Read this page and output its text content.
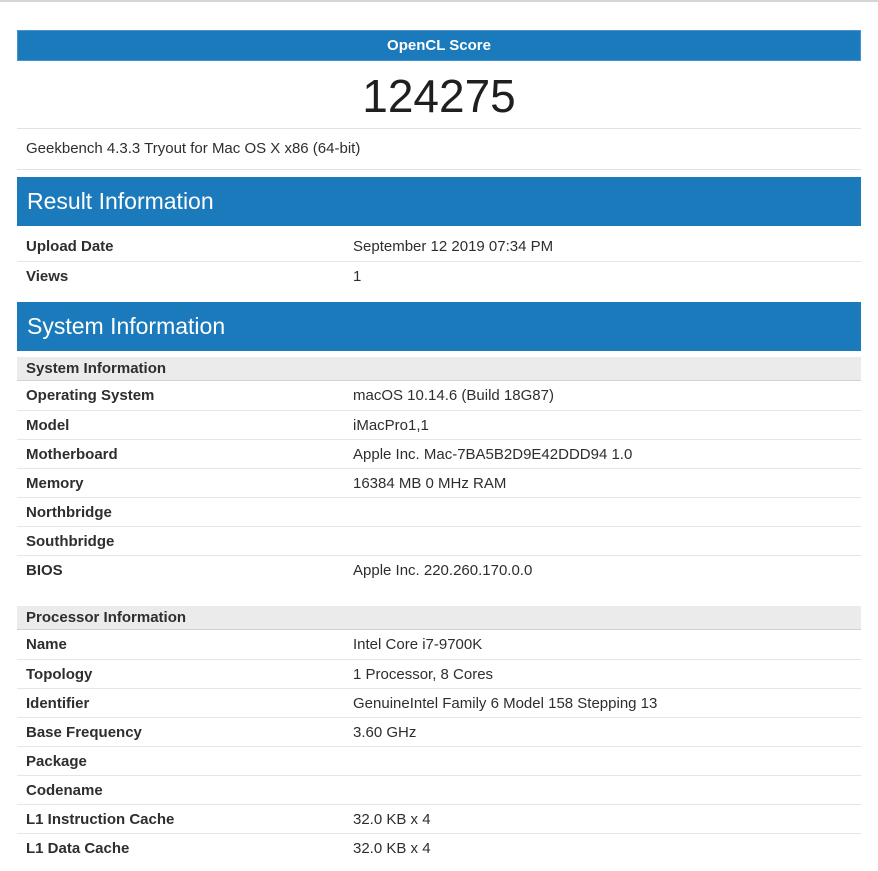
OpenCL Score
124275
Geekbench 4.3.3 Tryout for Mac OS X x86 (64-bit)
Result Information
Upload Date	September 12 2019 07:34 PM
Views	1
System Information
System Information
Operating System	macOS 10.14.6 (Build 18G87)
Model	iMacPro1,1
Motherboard	Apple Inc. Mac-7BA5B2D9E42DDD94 1.0
Memory	16384 MB 0 MHz RAM
Northbridge
Southbridge
BIOS	Apple Inc. 220.260.170.0.0
Processor Information
Name	Intel Core i7-9700K
Topology	1 Processor, 8 Cores
Identifier	GenuineIntel Family 6 Model 158 Stepping 13
Base Frequency	3.60 GHz
Package
Codename
L1 Instruction Cache	32.0 KB x 4
L1 Data Cache	32.0 KB x 4
